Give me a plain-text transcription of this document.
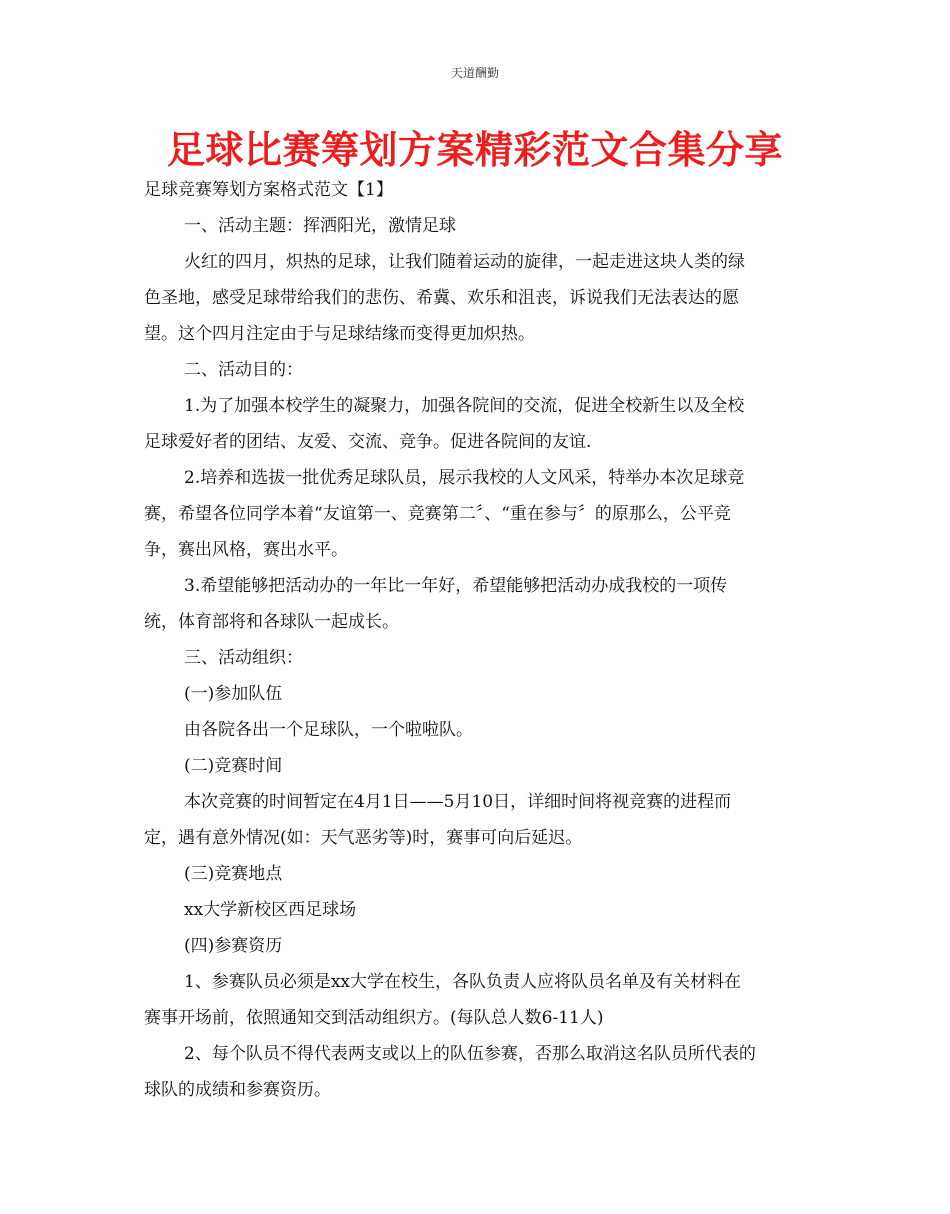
天道酬勤
足球比赛筹划方案精彩范文合集分享

足球竞赛筹划方案格式范文【1】

一、活动主题：挥洒阳光，激情足球

火红的四月，炽热的足球，让我们随着运动的旋律，一起走进这块人类的绿

色圣地，感受足球带给我们的悲伤、希冀、欢乐和沮丧，诉说我们无法表达的愿

望。这个四月注定由于与足球结缘而变得更加炽热。

二、活动目的：

1.为了加强本校学生的凝聚力，加强各院间的交流，促进全校新生以及全校

足球爱好者的团结、友爱、交流、竞争。促进各院间的友谊.

2.培养和选拔一批优秀足球队员，展示我校的人文风采，特举办本次足球竞

赛，希望各位同学本着“友谊第一、竞赛第二〞、“重在参与〞的原那么，公平竞

争，赛出风格，赛出水平。

3.希望能够把活动办的一年比一年好，希望能够把活动办成我校的一项传

统，体育部将和各球队一起成长。

三、活动组织：

(一)参加队伍

由各院各出一个足球队，一个啦啦队。

(二)竞赛时间

本次竞赛的时间暂定在4月1日——5月10日，详细时间将视竞赛的进程而

定，遇有意外情况(如：天气恶劣等)时，赛事可向后延迟。

(三)竞赛地点

xx大学新校区西足球场

(四)参赛资历

1、参赛队员必须是xx大学在校生，各队负责人应将队员名单及有关材料在

赛事开场前，依照通知交到活动组织方。(每队总人数6-11人)

2、每个队员不得代表两支或以上的队伍参赛，否那么取消这名队员所代表的

球队的成绩和参赛资历。
